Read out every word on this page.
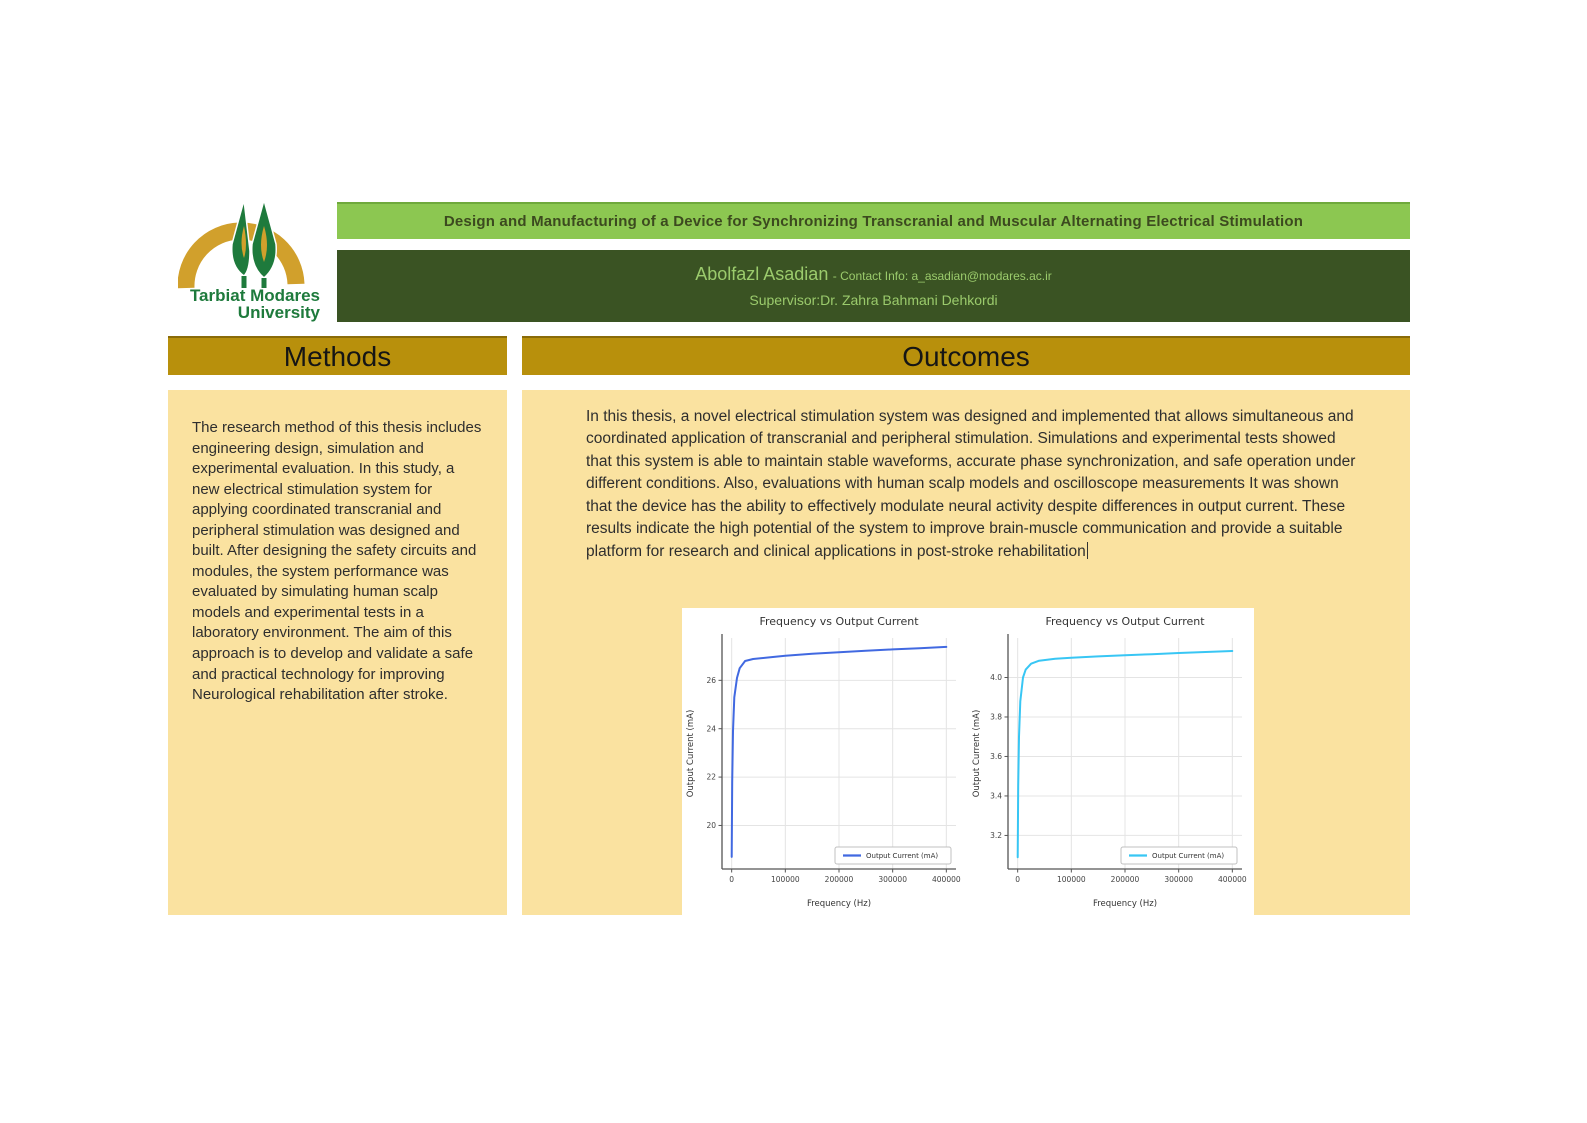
Tarbiat Modares
University
Design and Manufacturing of a Device for Synchronizing Transcranial and Muscular Alternating Electrical Stimulation
Abolfazl Asadian - Contact Info: a_asadian@modares.ac.ir
Supervisor:Dr. Zahra Bahmani Dehkordi
Methods	Outcomes

The research method of this thesis includes engineering design, simulation and experimental evaluation. In this study, a new electrical stimulation system for applying coordinated transcranial and peripheral stimulation was designed and built. After designing the safety circuits and modules, the system performance was evaluated by simulating human scalp models and experimental tests in a laboratory environment. The aim of this approach is to develop and validate a safe and practical technology for improving Neurological rehabilitation after stroke.

In this thesis, a novel electrical stimulation system was designed and implemented that allows simultaneous and coordinated application of transcranial and peripheral stimulation. Simulations and experimental tests showed that this system is able to maintain stable waveforms, accurate phase synchronization, and safe operation under different conditions. Also, evaluations with human scalp models and oscilloscope measurements It was shown that the device has the ability to effectively modulate neural activity despite differences in output current. These results indicate the high potential of the system to improve brain-muscle communication and provide a suitable platform for research and clinical applications in post-stroke rehabilitation

0	100000	200000	300000	400000
20
22
24
26
Frequency vs Output Current
Frequency (Hz)
Output Current (mA)
Output Current (mA)
0	100000	200000	300000	400000
3.2
3.4
3.6
3.8
4.0
Frequency vs Output Current
Frequency (Hz)
Output Current (mA)
Output Current (mA)
